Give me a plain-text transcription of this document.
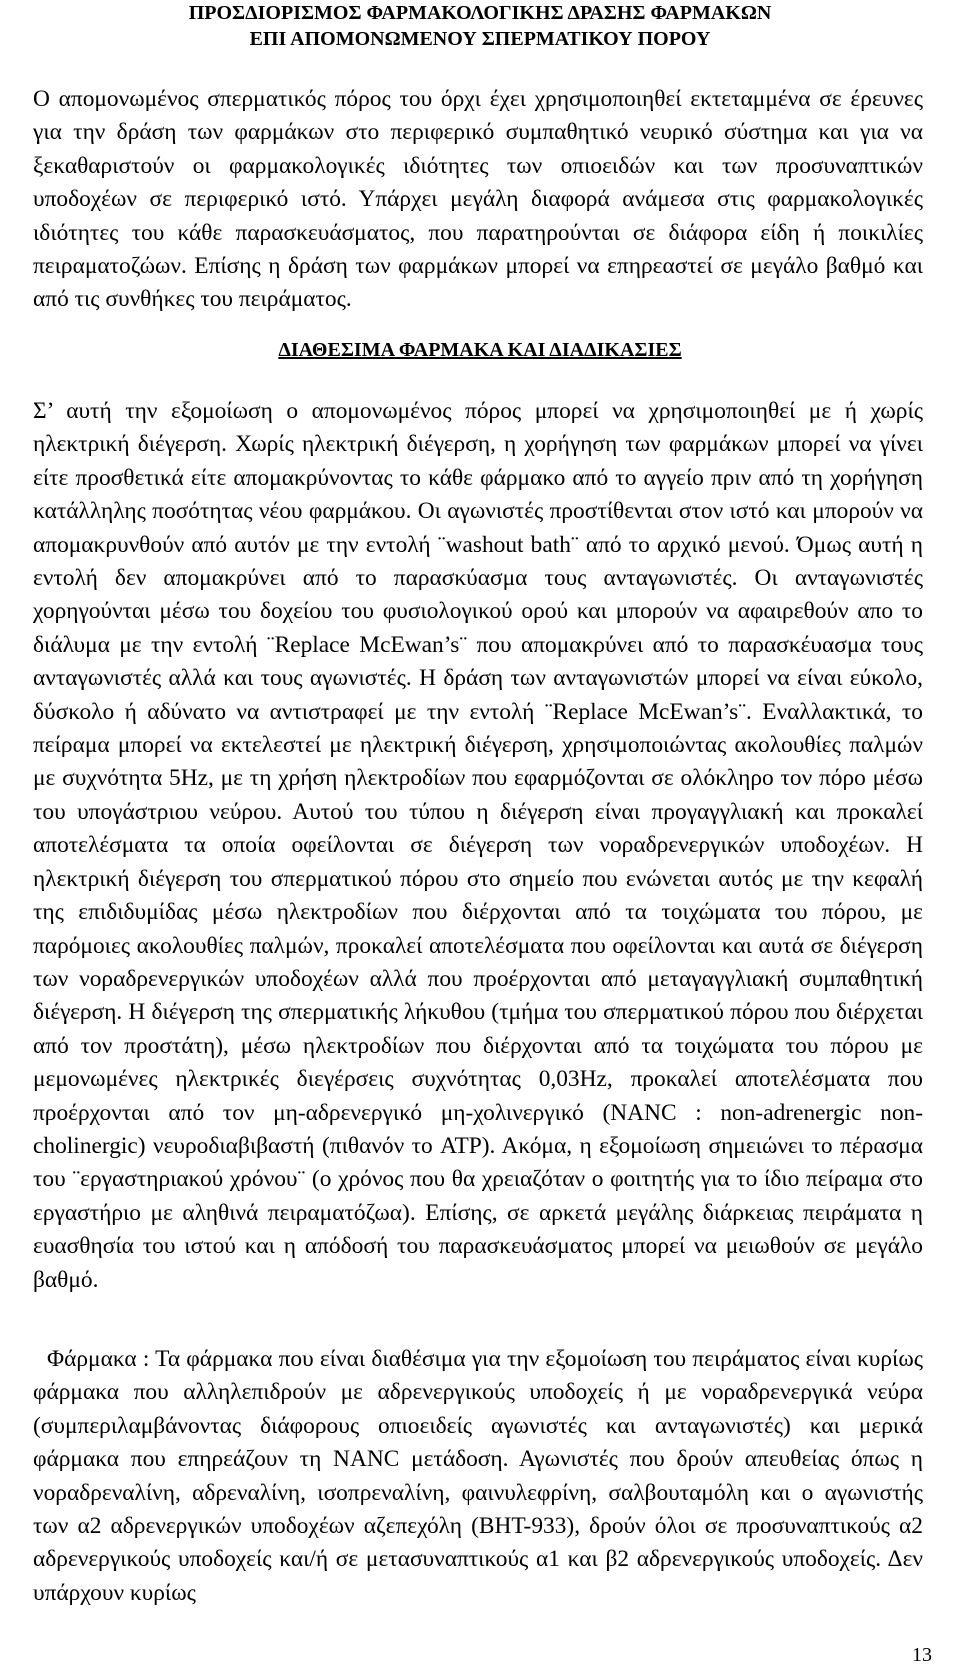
ΠΡΟΣΔΙΟΡΙΣΜΟΣ ΦΑΡΜΑΚΟΛΟΓΙΚΗΣ ΔΡΑΣΗΣ ΦΑΡΜΑΚΩΝ
ΕΠΙ ΑΠΟΜΟΝΩΜΕΝΟΥ ΣΠΕΡΜΑΤΙΚΟΥ ΠΟΡΟΥ

Ο απομονωμένος σπερματικός πόρος του όρχι έχει χρησιμοποιηθεί εκτεταμμένα σε έρευνες για την δράση των φαρμάκων στο περιφερικό συμπαθητικό νευρικό σύστημα και για να ξεκαθαριστούν οι φαρμακολογικές ιδιότητες των οπιοειδών και των προσυναπτικών υποδοχέων σε περιφερικό ιστό. Υπάρχει μεγάλη διαφορά ανάμεσα στις φαρμακολογικές ιδιότητες του κάθε παρασκευάσματος, που παρατηρούνται σε διάφορα είδη ή ποικιλίες πειραματοζώων. Επίσης η δράση των φαρμάκων μπορεί να επηρεαστεί σε μεγάλο βαθμό και από τις συνθήκες του πειράματος.

ΔΙΑΘΕΣΙΜΑ ΦΑΡΜΑΚΑ ΚΑΙ ΔΙΑΔΙΚΑΣΙΕΣ

Σ’ αυτή την εξομοίωση ο απομονωμένος πόρος μπορεί να χρησιμοποιηθεί με ή χωρίς ηλεκτρική διέγερση. Χωρίς ηλεκτρική διέγερση, η χορήγηση των φαρμάκων μπορεί να γίνει είτε προσθετικά είτε απομακρύνοντας το κάθε φάρμακο από το αγγείο πριν από τη χορήγηση κατάλληλης ποσότητας νέου φαρμάκου. Οι αγωνιστές προστίθενται στον ιστό και μπορούν να απομακρυνθούν από αυτόν με την εντολή ¨washout bath¨ από το αρχικό μενού. Όμως αυτή η εντολή δεν απομακρύνει από το παρασκύασμα τους ανταγωνιστές. Οι ανταγωνιστές χορηγούνται μέσω του δοχείου του φυσιολογικού ορού και μπορούν να αφαιρεθούν απο το διάλυμα με την εντολή ¨Replace McEwan’s¨ που απομακρύνει από το παρασκέυασμα τους ανταγωνιστές αλλά και τους αγωνιστές. Η δράση των ανταγωνιστών μπορεί να είναι εύκολο, δύσκολο ή αδύνατο να αντιστραφεί με την εντολή ¨Replace McEwan’s¨. Εναλλακτικά, το πείραμα μπορεί να εκτελεστεί με ηλεκτρική διέγερση, χρησιμοποιώντας ακολουθίες παλμών με συχνότητα 5Hz, με τη χρήση ηλεκτροδίων που εφαρμόζονται σε ολόκληρο τον πόρο μέσω του υπογάστριου νεύρου. Αυτού του τύπου η διέγερση είναι προγαγγλιακή και προκαλεί αποτελέσματα τα οποία οφείλονται σε διέγερση των νοραδρενεργικών υποδοχέων. Η ηλεκτρική διέγερση του σπερματικού πόρου στο σημείο που ενώνεται αυτός με την κεφαλή της επιδιδυμίδας μέσω ηλεκτροδίων που διέρχονται από τα τοιχώματα του πόρου, με παρόμοιες ακολουθίες παλμών, προκαλεί αποτελέσματα που οφείλονται και αυτά σε διέγερση των νοραδρενεργικών υποδοχέων αλλά που προέρχονται από μεταγαγγλιακή συμπαθητική διέγερση. Η διέγερση της σπερματικής λήκυθου (τμήμα του σπερματικού πόρου που διέρχεται από τον προστάτη), μέσω ηλεκτροδίων που διέρχονται από τα τοιχώματα του πόρου με μεμονωμένες ηλεκτρικές διεγέρσεις συχνότητας 0,03Hz, προκαλεί αποτελέσματα που προέρχονται από τον μη-αδρενεργικό μη-χολινεργικό (NANC : non-adrenergic non-cholinergic) νευροδιαβιβαστή (πιθανόν το ATP). Ακόμα, η εξομοίωση σημειώνει το πέρασμα του ¨εργαστηριακού χρόνου¨ (ο χρόνος που θα χρειαζόταν ο φοιτητής για το ίδιο πείραμα στο εργαστήριο με αληθινά πειραματόζωα). Επίσης, σε αρκετά μεγάλης διάρκειας πειράματα η ευασθησία του ιστού και η απόδοσή του παρασκευάσματος μπορεί να μειωθούν σε μεγάλο βαθμό.

Φάρμακα : Τα φάρμακα που είναι διαθέσιμα για την εξομοίωση του πειράματος είναι κυρίως φάρμακα που αλληλεπιδρούν με αδρενεργικούς υποδοχείς ή με νοραδρενεργικά νεύρα (συμπεριλαμβάνοντας διάφορους οπιοειδείς αγωνιστές και ανταγωνιστές) και μερικά φάρμακα που επηρεάζουν τη NANC μετάδοση. Αγωνιστές που δρούν απευθείας όπως η νοραδρεναλίνη, αδρεναλίνη, ισοπρεναλίνη, φαινυλεφρίνη, σαλβουταμόλη και ο αγωνιστής των α2 αδρενεργικών υποδοχέων αζεπεχόλη (BHT-933), δρούν όλοι σε προσυναπτικούς α2 αδρενεργικούς υποδοχείς και/ή σε μετασυναπτικούς α1 και β2 αδρενεργικούς υποδοχείς. Δεν υπάρχουν κυρίως

13
